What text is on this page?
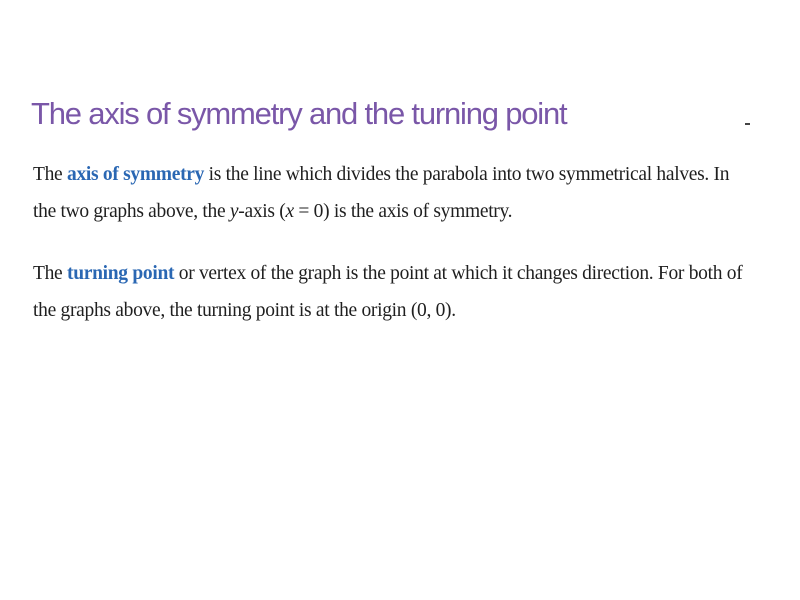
The axis of symmetry and the turning point

The axis of symmetry is the line which divides the parabola into two symmetrical halves. In the two graphs above, the y-axis (x = 0) is the axis of symmetry.

The turning point or vertex of the graph is the point at which it changes direction. For both of the graphs above, the turning point is at the origin (0, 0).
